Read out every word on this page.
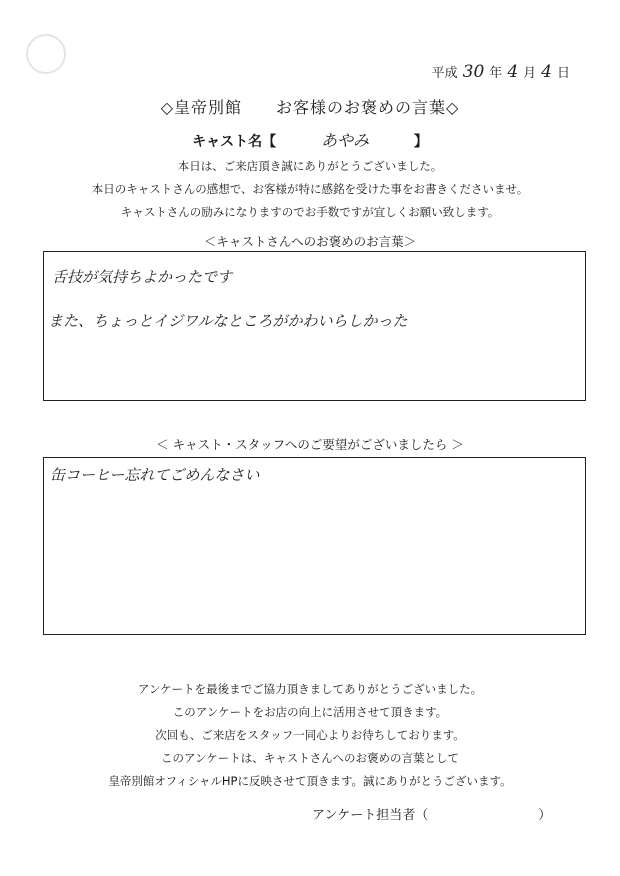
平成 30 年 4 月 4 日
◇皇帝別館　　お客様のお褒めの言葉◇
キャスト名【	あやみ	】
本日は、ご来店頂き誠にありがとうございました。
本日のキャストさんの感想で、お客様が特に感銘を受けた事をお書きくださいませ。
キャストさんの励みになりますのでお手数ですが宜しくお願い致します。
＜キャストさんへのお褒めのお言葉＞
舌技が気持ちよかったです
また、ちょっとイジワルなところがかわいらしかった
＜ キャスト・スタッフへのご要望がございましたら ＞
缶コーヒー忘れてごめんなさい
アンケートを最後までご協力頂きましてありがとうございました。
このアンケートをお店の向上に活用させて頂きます。
次回も、ご来店をスタッフ一同心よりお待ちしております。
このアンケートは、キャストさんへのお褒めの言葉として
皇帝別館オフィシャルHPに反映させて頂きます。誠にありがとうございます。
アンケート担当者（	）
